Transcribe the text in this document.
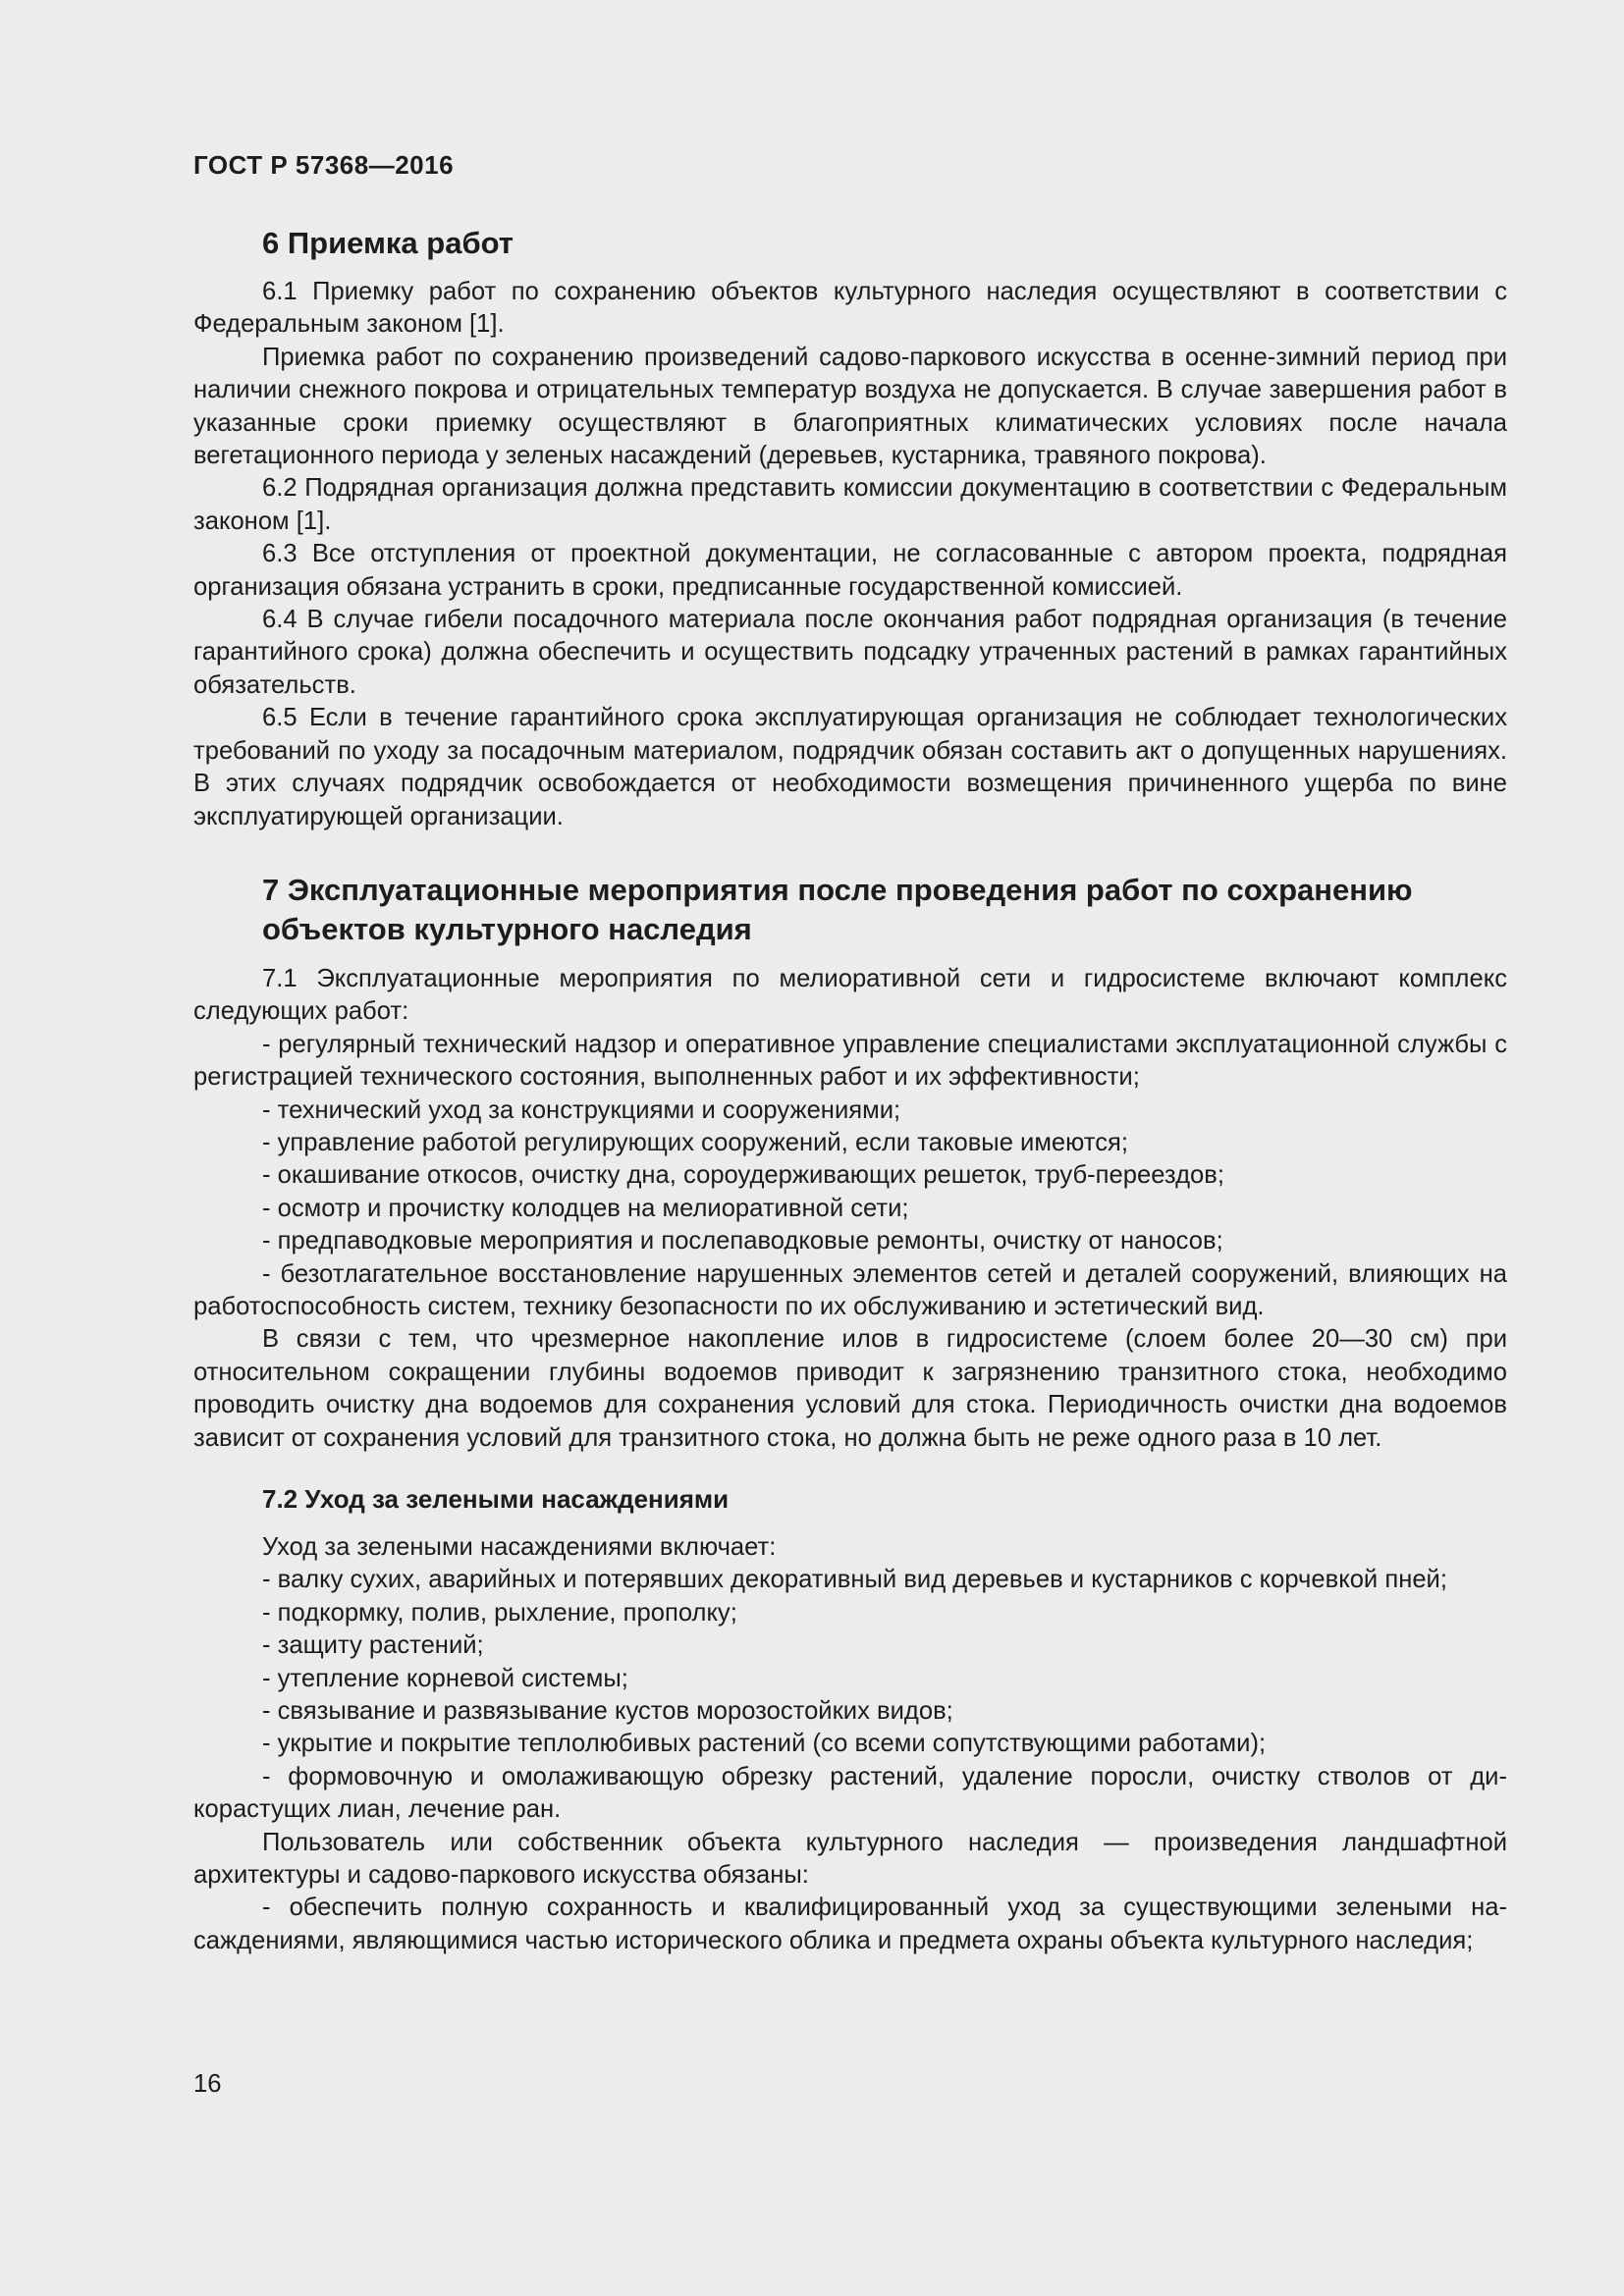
ГОСТ Р 57368—2016
6 Приемка работ

6.1 Приемку работ по сохранению объектов культурного наследия осуществляют в соответствии с Федеральным законом [1].

Приемка работ по сохранению произведений садово-паркового искусства в осенне-зимний период при наличии снежного покрова и отрицательных температур воздуха не допускается. В случае завершения работ в указанные сроки приемку осуществляют в благоприятных климатических условиях после начала вегетационного периода у зеленых насаждений (деревьев, кустарника, травяного покрова).

6.2 Подрядная организация должна представить комиссии документацию в соответствии с Федеральным законом [1].

6.3 Все отступления от проектной документации, не согласованные с автором проекта, подрядная организация обязана устранить в сроки, предписанные государственной комиссией.

6.4 В случае гибели посадочного материала после окончания работ подрядная организация (в течение гарантийного срока) должна обеспечить и осуществить подсадку утраченных растений в рамках гарантийных обязательств.

6.5 Если в течение гарантийного срока эксплуатирующая организация не соблюдает технологических требований по уходу за посадочным материалом, подрядчик обязан составить акт о допущенных нарушениях. В этих случаях подрядчик освобождается от необходимости возмещения причиненного ущерба по вине эксплуатирующей организации.

7 Эксплуатационные мероприятия после проведения работ по сохранению объектов культурного наследия

7.1 Эксплуатационные мероприятия по мелиоративной сети и гидросистеме включают комплекс следующих работ:

- регулярный технический надзор и оперативное управление специалистами эксплуатационной службы с регистрацией технического состояния, выполненных работ и их эффективности;

- технический уход за конструкциями и сооружениями;

- управление работой регулирующих сооружений, если таковые имеются;

- окашивание откосов, очистку дна, сороудерживающих решеток, труб-переездов;

- осмотр и прочистку колодцев на мелиоративной сети;

- предпаводковые мероприятия и послепаводковые ремонты, очистку от наносов;

- безотлагательное восстановление нарушенных элементов сетей и деталей сооружений, влияющих на работоспособность систем, технику безопасности по их обслуживанию и эстетический вид.

В связи с тем, что чрезмерное накопление илов в гидросистеме (слоем более 20—30 см) при относительном сокращении глубины водоемов приводит к загрязнению транзитного стока, необходимо проводить очистку дна водоемов для сохранения условий для стока. Периодичность очистки дна водоемов зависит от сохранения условий для транзитного стока, но должна быть не реже одного раза в 10 лет.

7.2 Уход за зелеными насаждениями

Уход за зелеными насаждениями включает:

- валку сухих, аварийных и потерявших декоративный вид деревьев и кустарников с корчевкой пней;

- подкормку, полив, рыхление, прополку;

- защиту растений;

- утепление корневой системы;

- связывание и развязывание кустов морозостойких видов;

- укрытие и покрытие теплолюбивых растений (со всеми сопутствующими работами);

- формовочную и омолаживающую обрезку растений, удаление поросли, очистку стволов от дикорастущих лиан, лечение ран.

Пользователь или собственник объекта культурного наследия — произведения ландшафтной архитектуры и садово-паркового искусства обязаны:

- обеспечить полную сохранность и квалифицированный уход за существующими зелеными насаждениями, являющимися частью исторического облика и предмета охраны объекта культурного наследия;

16
